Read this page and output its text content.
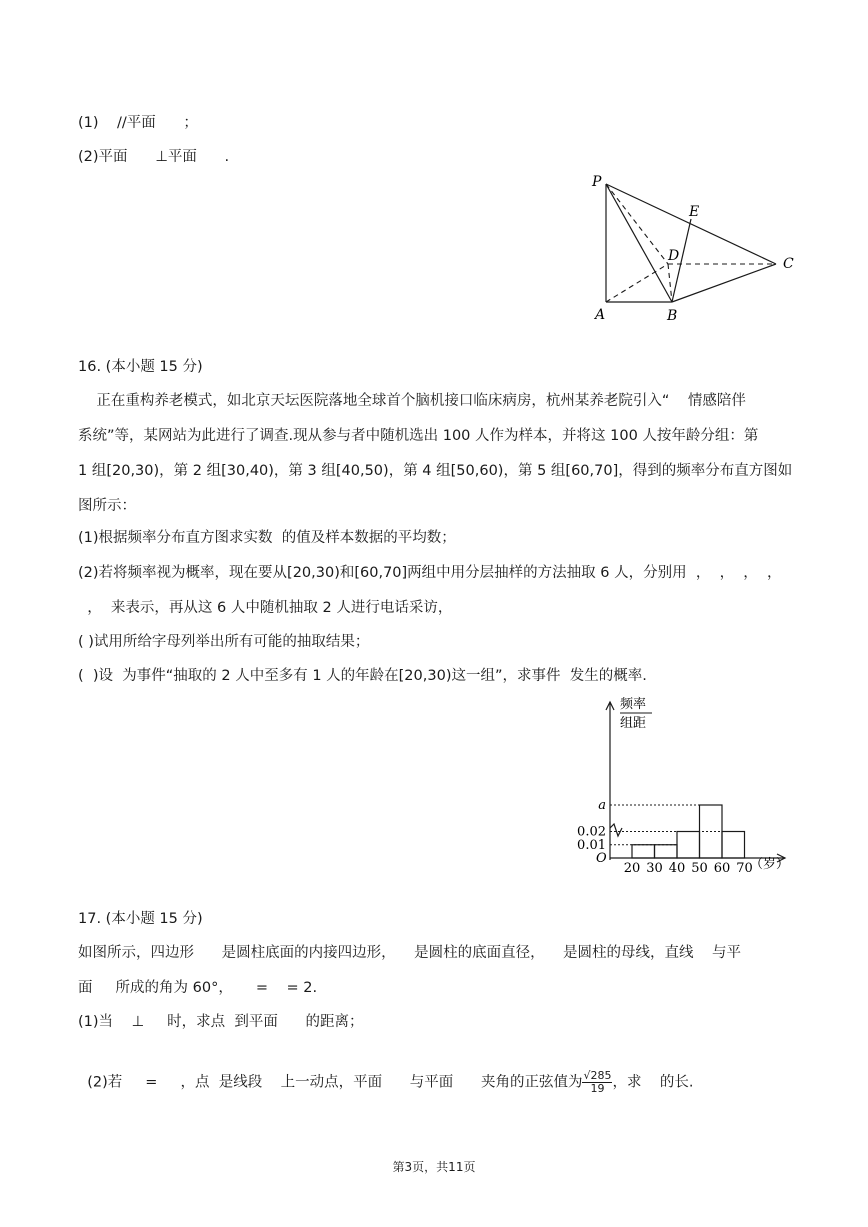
(1)    //平面      ；
(2)平面      ⊥平面      .
P
E
D	C
A	B
16. (本小题 15 分)
正在重构养老模式，如北京天坛医院落地全球首个脑机接口临床病房，杭州某养老院引入“    情感陪伴
系统”等，某网站为此进行了调查.现从参与者中随机选出 100 人作为样本，并将这 100 人按年龄分组：第
1 组[20,30)，第 2 组[30,40)，第 3 组[40,50)，第 4 组[50,60)，第 5 组[60,70]，得到的频率分布直方图如
图所示：
(1)根据频率分布直方图求实数  的值及样本数据的平均数；
(2)若将频率视为概率，现在要从[20,30)和[60,70]两组中用分层抽样的方法抽取 6 人，分别用  ，  ，  ，  ，
，  来表示，再从这 6 人中随机抽取 2 人进行电话采访，
( )试用所给字母列举出所有可能的抽取结果；
(  )设  为事件“抽取的 2 人中至多有 1 人的年龄在[20,30)这一组”，求事件  发生的概率.
频率
组距
0.01
0.02
a
20 30 40 50 60 70
O	（岁）
17. (本小题 15 分)
如图所示，四边形      是圆柱底面的内接四边形，    是圆柱的底面直径，    是圆柱的母线，直线    与平
面     所成的角为 60°，     =    = 2.
(1)当    ⊥     时，求点  到平面      的距离；

(2)若     =     ，点  是线段    上一动点，平面      与平面      夹角的正弦值为 $\frac{√285}{19}$ ，求    的长.

第3页，共11页
